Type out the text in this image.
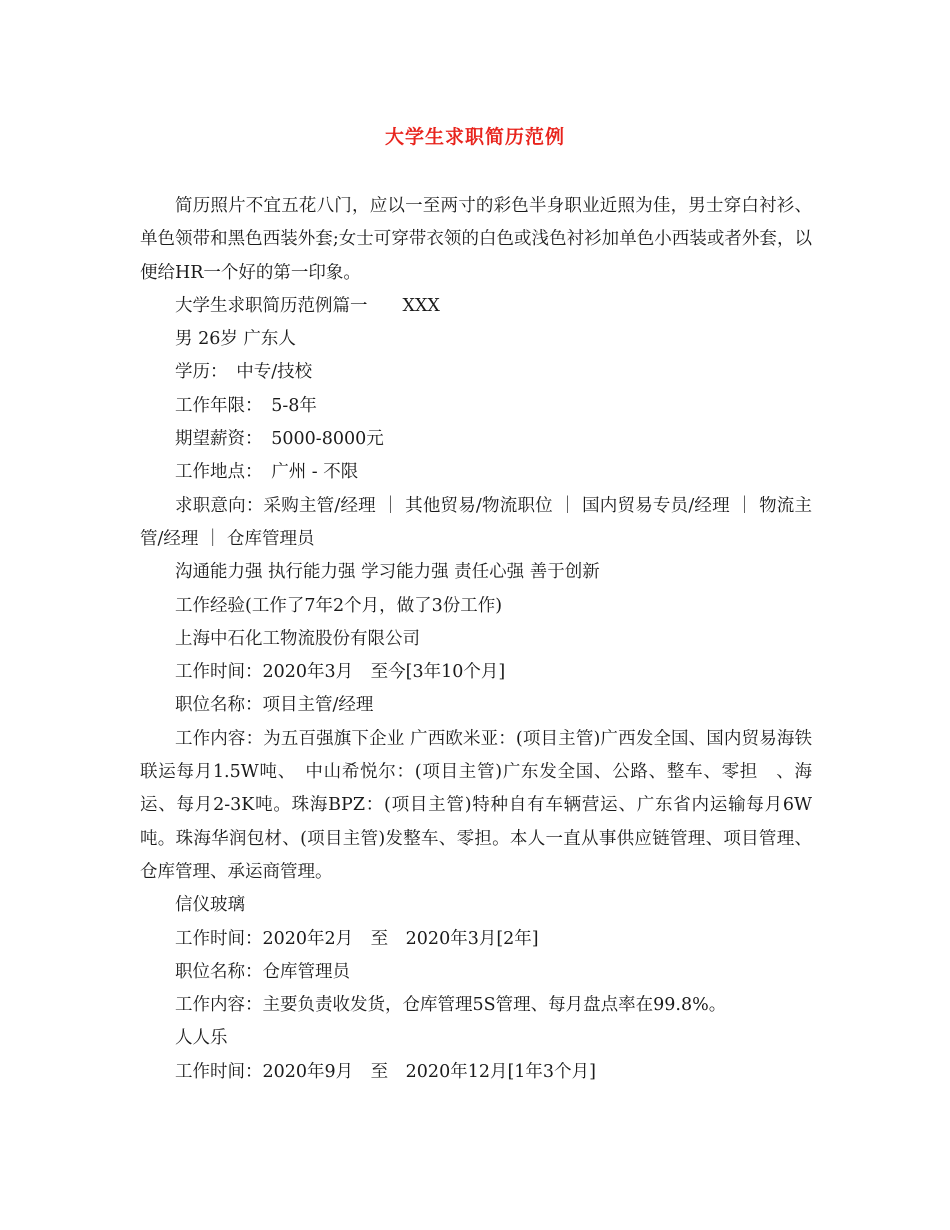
大学生求职简历范例

简历照片不宜五花八门，应以一至两寸的彩色半身职业近照为佳，男士穿白衬衫、单色领带和黑色西装外套;女士可穿带衣领的白色或浅色衬衫加单色小西装或者外套，以便给HR一个好的第一印象。

大学生求职简历范例篇一　　XXX

男 26岁 广东人

学历：　中专/技校

工作年限：　5-8年

期望薪资：　5000-8000元

工作地点：　广州 - 不限

求职意向：采购主管/经理 ｜ 其他贸易/物流职位 ｜ 国内贸易专员/经理 ｜ 物流主管/经理 ｜ 仓库管理员

沟通能力强 执行能力强 学习能力强 责任心强 善于创新

工作经验(工作了7年2个月，做了3份工作)

上海中石化工物流股份有限公司

工作时间：2020年3月　至今[3年10个月]

职位名称：项目主管/经理

工作内容：为五百强旗下企业 广西欧米亚：(项目主管)广西发全国、国内贸易海铁联运每月1.5W吨、　中山希悦尔：(项目主管)广东发全国、公路、整车、零担　、海运、每月2-3K吨。珠海BPZ：(项目主管)特种自有车辆营运、广东省内运输每月6W吨。珠海华润包材、(项目主管)发整车、零担。本人一直从事供应链管理、项目管理、仓库管理、承运商管理。

信仪玻璃

工作时间：2020年2月　至　2020年3月[2年]

职位名称：仓库管理员

工作内容：主要负责收发货，仓库管理5S管理、每月盘点率在99.8%。

人人乐

工作时间：2020年9月　至　2020年12月[1年3个月]
